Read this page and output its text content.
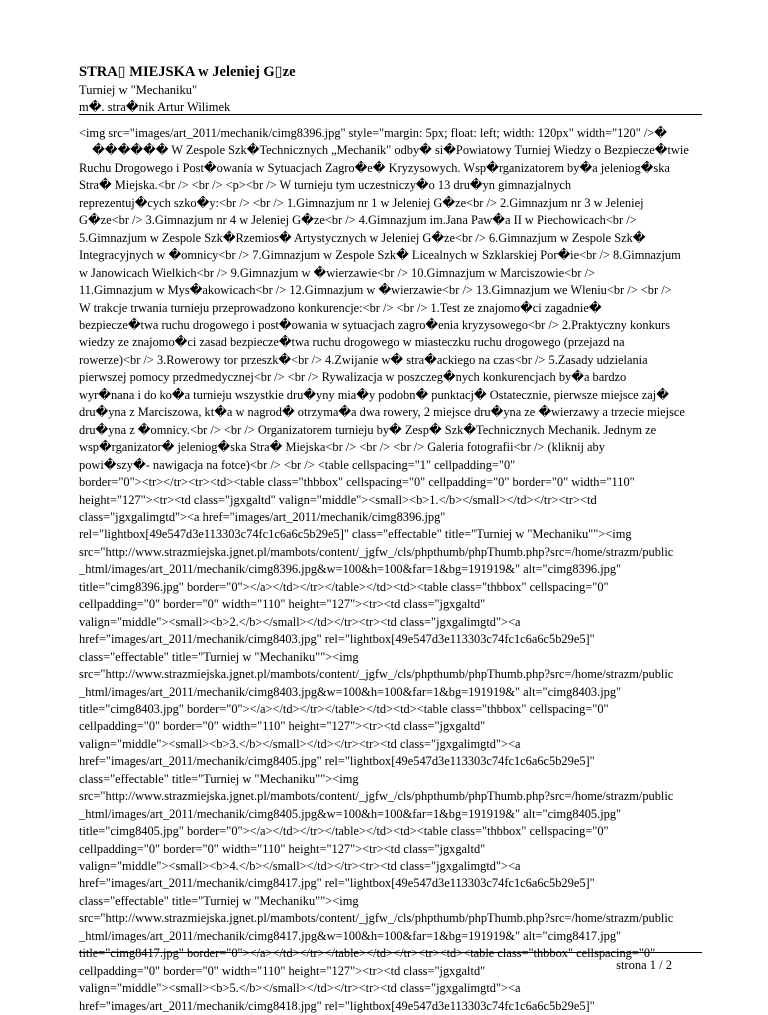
STRA▯ MIEJSKA w Jeleniej G▯ze

Turniej w "Mechaniku"

m�. stra�nik Artur Wilimek

<img src="images/art_2011/mechanik/cimg8396.jpg" style="margin: 5px; float: left; width: 120px" width="120" />�

������ W Zespole Szk�Technicznych „Mechanik" odby� si�Powiatowy Turniej Wiedzy o Bezpiecze�twie

Ruchu Drogowego i Post�owania w Sytuacjach Zagro�e� Kryzysowych. Wsp�rganizatorem by�a jeleniog�ska

Stra� Miejska.<br /> <br /> <p><br /> W turnieju tym uczestniczy�o 13 dru�yn gimnazjalnych

reprezentuj�cych szko�y:<br /> <br /> 1.Gimnazjum nr 1 w Jeleniej G�ze<br /> 2.Gimnazjum nr 3 w Jeleniej

G�ze<br /> 3.Gimnazjum nr 4 w Jeleniej G�ze<br /> 4.Gimnazjum im.Jana Paw�a II w Piechowicach<br />

5.Gimnazjum w Zespole Szk�Rzemios� Artystycznych w Jeleniej G�ze<br /> 6.Gimnazjum w Zespole Szk�

Integracyjnych w �omnicy<br /> 7.Gimnazjum w Zespole Szk� Licealnych w Szklarskiej Por�ie<br /> 8.Gimnazjum

w Janowicach Wielkich<br /> 9.Gimnazjum w �wierzawie<br /> 10.Gimnazjum w Marciszowie<br />

11.Gimnazjum w Mys�akowicach<br /> 12.Gimnazjum w �wierzawie<br /> 13.Gimnazjum we Wleniu<br /> <br />

W trakcje trwania turnieju przeprowadzono konkurencje:<br /> <br /> 1.Test ze znajomo�ci zagadnie�

bezpiecze�twa ruchu drogowego i post�owania w sytuacjach zagro�enia kryzysowego<br /> 2.Praktyczny konkurs

wiedzy ze znajomo�ci zasad bezpiecze�twa ruchu drogowego w miasteczku ruchu drogowego (przejazd na

rowerze)<br /> 3.Rowerowy tor przeszk�<br /> 4.Zwijanie w� stra�ackiego na czas<br /> 5.Zasady udzielania

pierwszej pomocy przedmedycznej<br /> <br /> Rywalizacja w poszczeg�nych konkurencjach by�a bardzo

wyr�nana i do ko�a turnieju wszystkie dru�yny mia�y podobn� punktacj� Ostatecznie, pierwsze miejsce zaj�

dru�yna z Marciszowa, kt�a w nagrod� otrzyma�a dwa rowery, 2 miejsce dru�yna ze �wierzawy a trzecie miejsce

dru�yna z �omnicy.<br /> <br /> Organizatorem turnieju by� Zesp� Szk�Technicznych Mechanik. Jednym ze

wsp�rganizator� jeleniog�ska Stra� Miejska<br /> <br /> <br /> Galeria fotografii<br /> (kliknij aby

powi�szy�- nawigacja na fotce)<br /> <br /> <table cellspacing="1" cellpadding="0"

border="0"><tr></tr><tr><td><table class="thbbox" cellspacing="0" cellpadding="0" border="0" width="110"

height="127"><tr><td class="jgxgaltd" valign="middle"><small><b>1.</b></small></td></tr><tr><td

class="jgxgalimgtd"><a href="images/art_2011/mechanik/cimg8396.jpg"

rel="lightbox[49e547d3e113303c74fc1c6a6c5b29e5]" class="effectable" title="Turniej w "Mechaniku""><img

src="http://www.strazmiejska.jgnet.pl/mambots/content/_jgfw_/cls/phpthumb/phpThumb.php?src=/home/strazm/public

_html/images/art_2011/mechanik/cimg8396.jpg&w=100&h=100&far=1&bg=191919&" alt="cimg8396.jpg"

title="cimg8396.jpg" border="0"></a></td></tr></table></td><td><table class="thbbox" cellspacing="0"

cellpadding="0" border="0" width="110" height="127"><tr><td class="jgxgaltd"

valign="middle"><small><b>2.</b></small></td></tr><tr><td class="jgxgalimgtd"><a

href="images/art_2011/mechanik/cimg8403.jpg" rel="lightbox[49e547d3e113303c74fc1c6a6c5b29e5]"

class="effectable" title="Turniej w "Mechaniku""><img

src="http://www.strazmiejska.jgnet.pl/mambots/content/_jgfw_/cls/phpthumb/phpThumb.php?src=/home/strazm/public

_html/images/art_2011/mechanik/cimg8403.jpg&w=100&h=100&far=1&bg=191919&" alt="cimg8403.jpg"

title="cimg8403.jpg" border="0"></a></td></tr></table></td><td><table class="thbbox" cellspacing="0"

cellpadding="0" border="0" width="110" height="127"><tr><td class="jgxgaltd"

valign="middle"><small><b>3.</b></small></td></tr><tr><td class="jgxgalimgtd"><a

href="images/art_2011/mechanik/cimg8405.jpg" rel="lightbox[49e547d3e113303c74fc1c6a6c5b29e5]"

class="effectable" title="Turniej w "Mechaniku""><img

src="http://www.strazmiejska.jgnet.pl/mambots/content/_jgfw_/cls/phpthumb/phpThumb.php?src=/home/strazm/public

_html/images/art_2011/mechanik/cimg8405.jpg&w=100&h=100&far=1&bg=191919&" alt="cimg8405.jpg"

title="cimg8405.jpg" border="0"></a></td></tr></table></td><td><table class="thbbox" cellspacing="0"

cellpadding="0" border="0" width="110" height="127"><tr><td class="jgxgaltd"

valign="middle"><small><b>4.</b></small></td></tr><tr><td class="jgxgalimgtd"><a

href="images/art_2011/mechanik/cimg8417.jpg" rel="lightbox[49e547d3e113303c74fc1c6a6c5b29e5]"

class="effectable" title="Turniej w "Mechaniku""><img

src="http://www.strazmiejska.jgnet.pl/mambots/content/_jgfw_/cls/phpthumb/phpThumb.php?src=/home/strazm/public

_html/images/art_2011/mechanik/cimg8417.jpg&w=100&h=100&far=1&bg=191919&" alt="cimg8417.jpg"

title="cimg8417.jpg" border="0"></a></td></tr></table></td></tr><tr><td><table class="thbbox" cellspacing="0"

cellpadding="0" border="0" width="110" height="127"><tr><td class="jgxgaltd"

valign="middle"><small><b>5.</b></small></td></tr><tr><td class="jgxgalimgtd"><a

href="images/art_2011/mechanik/cimg8418.jpg" rel="lightbox[49e547d3e113303c74fc1c6a6c5b29e5]"

strona 1 / 2
